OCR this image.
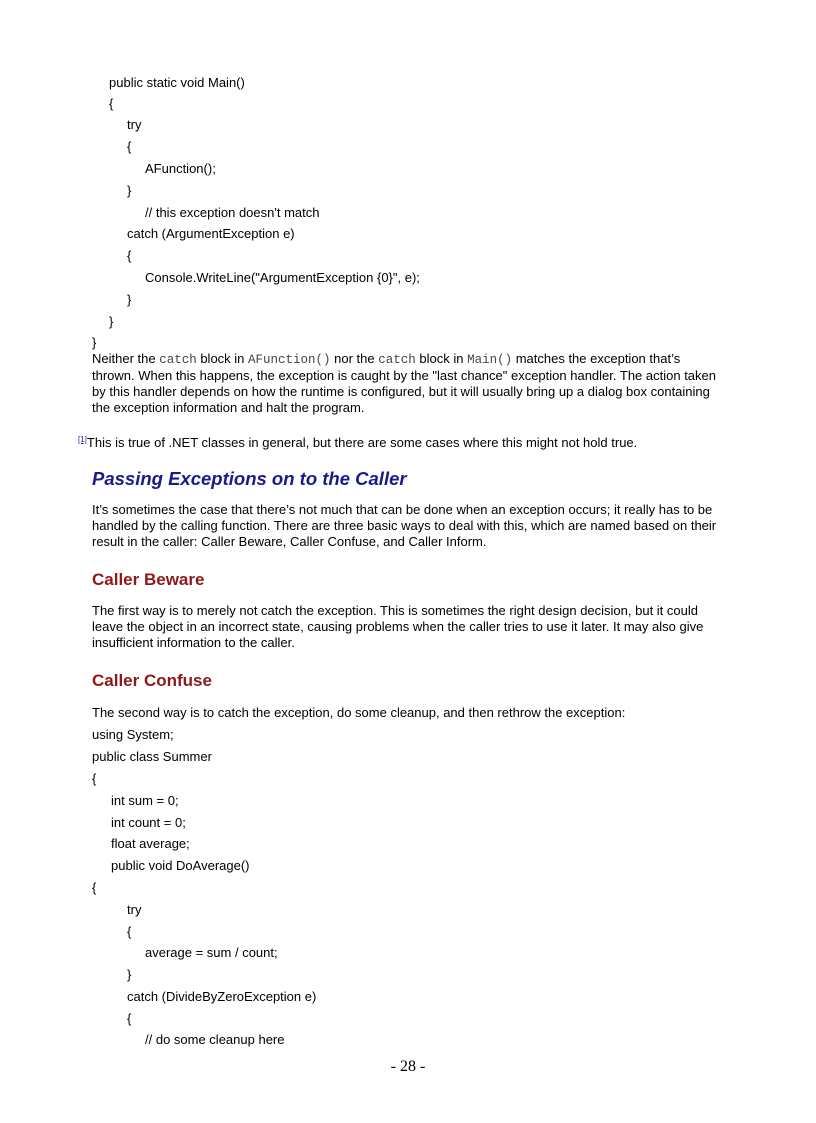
public static void Main()
{
try
{
AFunction();
}
// this exception doesn't match
catch (ArgumentException e)
{
Console.WriteLine("ArgumentException {0}", e);
}
}
}
Neither the catch block in AFunction() nor the catch block in Main() matches the exception that’s thrown. When this happens, the exception is caught by the "last chance" exception handler. The action taken by this handler depends on how the runtime is configured, but it will usually bring up a dialog box containing the exception information and halt the program.
[1]This is true of .NET classes in general, but there are some cases where this might not hold true.
Passing Exceptions on to the Caller
It’s sometimes the case that there’s not much that can be done when an exception occurs; it really has to be handled by the calling function. There are three basic ways to deal with this, which are named based on their result in the caller: Caller Beware, Caller Confuse, and Caller Inform.
Caller Beware
The first way is to merely not catch the exception. This is sometimes the right design decision, but it could leave the object in an incorrect state, causing problems when the caller tries to use it later. It may also give insufficient information to the caller.
Caller Confuse
The second way is to catch the exception, do some cleanup, and then rethrow the exception:
using System;
public class Summer
{
int sum = 0;
int count = 0;
float average;
public void DoAverage()
{
try
{
average = sum / count;
}
catch (DivideByZeroException e)
{
// do some cleanup here
- 28 -
